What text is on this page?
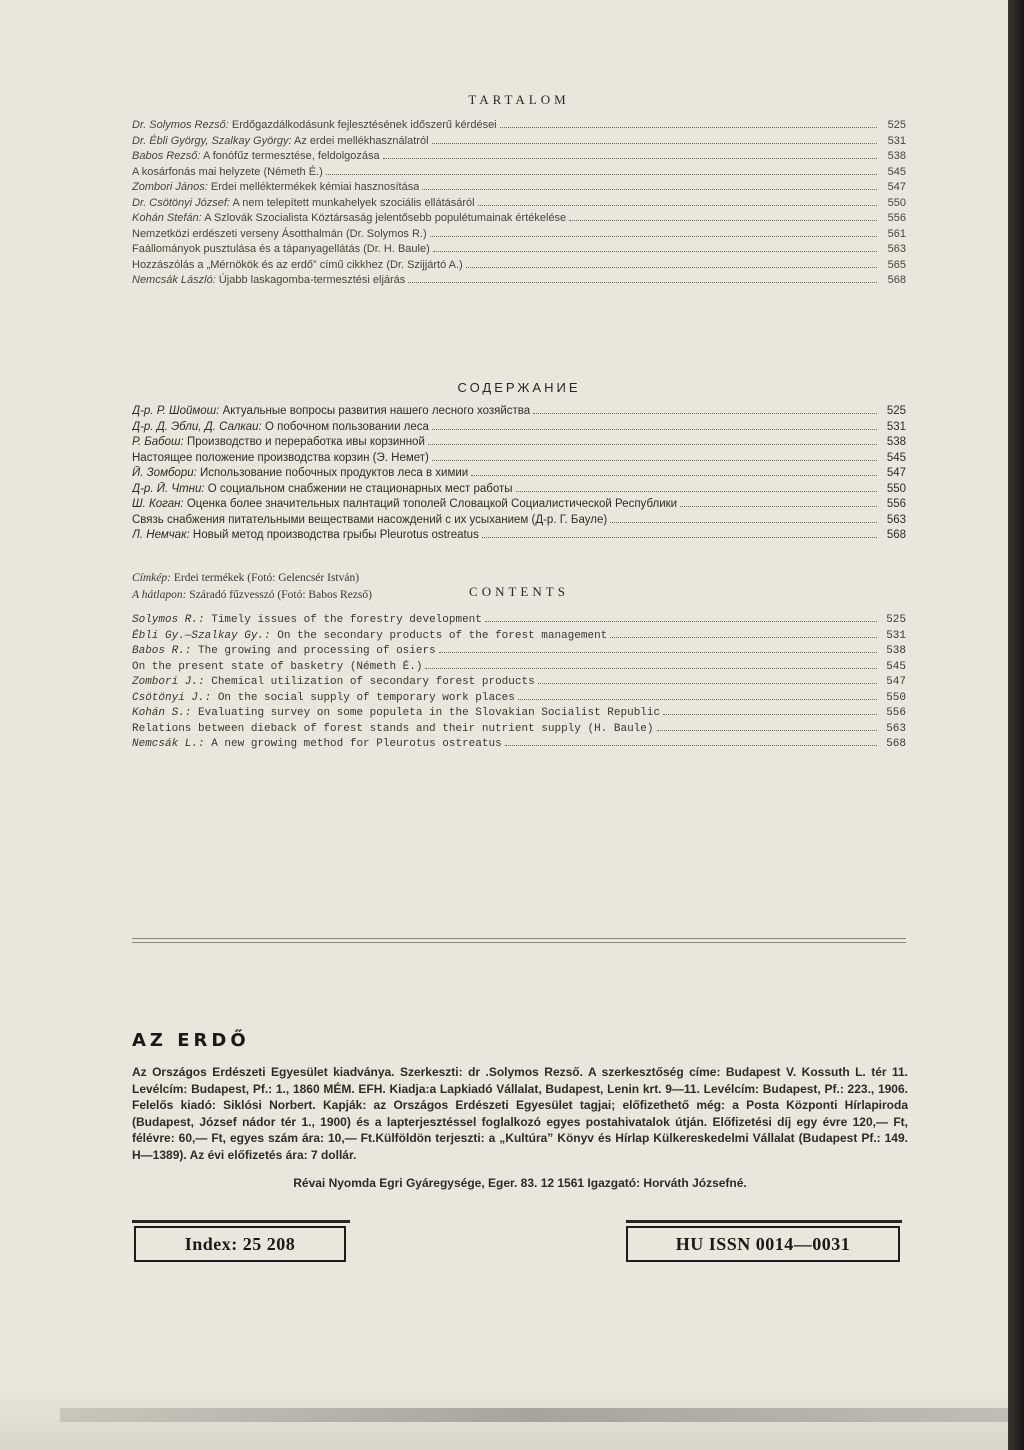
TARTALOM
Dr. Solymos Rezső: Erdőgazdálkodásunk fejlesztésének időszerű kérdései	525
Dr. Ébli György, Szalkay György: Az erdei mellékhasználatról	531
Babos Rezső: A fonófűz termesztése, feldolgozása	538
A kosárfonás mai helyzete (Németh É.)	545
Zombori János: Erdei melléktermékek kémiai hasznosítása	547
Dr. Csötönyi József: A nem telepített munkahelyek szociális ellátásáról	550
Kohán Stefán: A Szlovák Szocialista Köztársaság jelentősebb populétumainak értékelése	556
Nemzetközi erdészeti verseny Ásotthalmán (Dr. Solymos R.)	561
Faállományok pusztulása és a tápanyagellátás (Dr. H. Baule)	563
Hozzászólás a „Mérnökök és az erdő” című cikkhez (Dr. Szijjártó A.)	565
Nemcsák László: Újabb laskagomba-termesztési eljárás	568
Címkép: Erdei termékek (Fotó: Gelencsér István)
A hátlapon: Száradó fűzvesszó (Fotó: Babos Rezső)
СОДЕРЖАНИЕ
Д-р. Р. Шоймош: Актуальные вопросы развития нашего лесного хозяйства	525
Д-р. Д. Эбли, Д. Салкаи: О побочном пользовании леса	531
Р. Бабош: Производство и переработка ивы корзинной	538
Настоящее положение производства корзин (Э. Немет)	545
Й. Зомбори: Использование побочных продуктов леса в химии	547
Д-р. Й. Чтни: О социальном снабжении не стационарных мест работы	550
Ш. Коган: Оценка более значительных палнтаций тополей Словацкой Социалистической Республики	556
Связь снабжения питательными веществами насождений с их усыханием (Д-р. Г. Бауле)	563
Л. Немчак: Новый метод производства грыбы Pleurotus ostreatus	568
CONTENTS
Solymos R.: Timely issues of the forestry development	525
Ébli Gy.—Szalkay Gy.: On the secondary products of the forest management	531
Babos R.: The growing and processing of osiers	538
On the present state of basketry (Németh É.)	545
Zombori J.: Chemical utilization of secondary forest products	547
Csötönyi J.: On the social supply of temporary work places	550
Kohán S.: Evaluating survey on some populeta in the Slovakian Socialist Republic	556
Relations between dieback of forest stands and their nutrient supply (H. Baule)	563
Nemcsák L.: A new growing method for Pleurotus ostreatus	568
AZ ERDŐ
Az Országos Erdészeti Egyesület kiadványa. Szerkeszti: dr .Solymos Rezső. A szerkesztőség címe: Budapest V. Kossuth L. tér 11. Levélcím: Budapest, Pf.: 1., 1860 MÉM. EFH. Kiadja:a Lapkiadó Vállalat, Budapest, Lenin krt. 9—11. Levélcím: Budapest, Pf.: 223., 1906. Felelős kiadó: Siklósi Norbert. Kapják: az Országos Erdészeti Egyesület tagjai; előfizethető még: a Posta Központi Hírlapiroda (Budapest, József nádor tér 1., 1900) és a lapterjesztéssel foglalkozó egyes postahivatalok útján. Előfizetési díj egy évre 120,— Ft, félévre: 60,— Ft, egyes szám ára: 10,— Ft.Külföldön terjeszti: a „Kultúra” Könyv és Hírlap Külkereskedelmi Vállalat (Budapest Pf.: 149. H—1389). Az évi előfizetés ára: 7 dollár.
Révai Nyomda Egri Gyáregysége, Eger. 83. 12 1561 Igazgató: Horváth Józsefné.
Index: 25 208	HU ISSN 0014—0031
